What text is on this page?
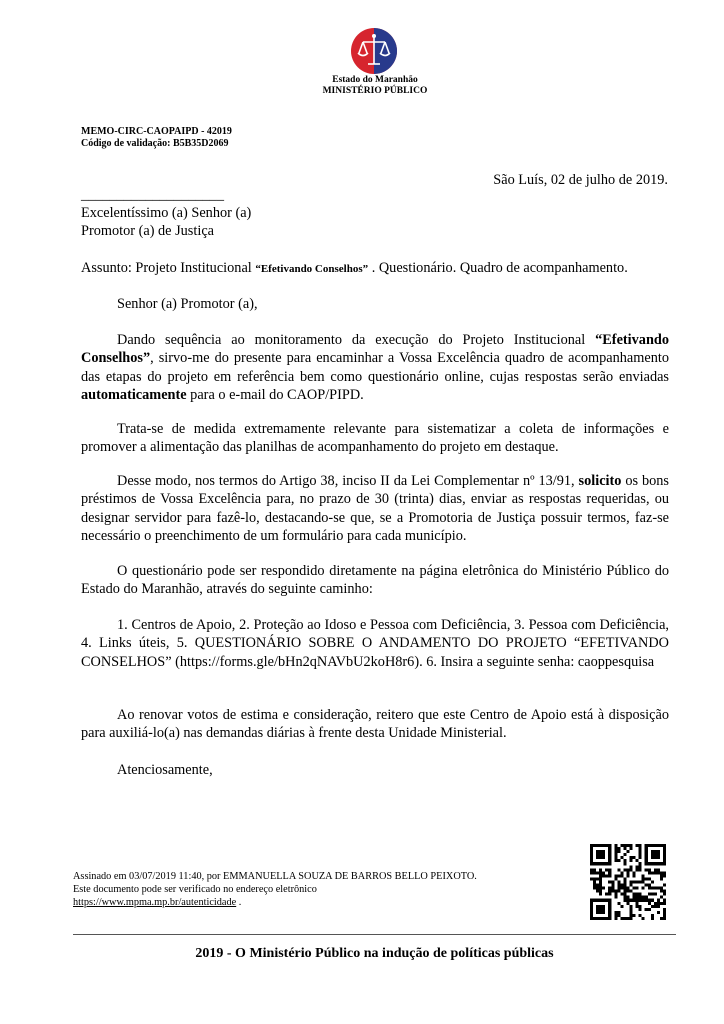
Estado do Maranhão
MINISTÉRIO PÚBLICO
MEMO-CIRC-CAOPAIPD - 42019
Código de validação: B5B35D2069
São Luís, 02 de julho de 2019.
____________________
Excelentíssimo (a) Senhor (a)
Promotor (a) de Justiça
Assunto: Projeto Institucional “Efetivando Conselhos” . Questionário. Quadro de acompanhamento.
Senhor (a) Promotor (a),
Dando sequência ao monitoramento da execução do Projeto Institucional “Efetivando Conselhos”, sirvo-me do presente para encaminhar a Vossa Excelência quadro de acompanhamento das etapas do projeto em referência bem como questionário online, cujas respostas serão enviadas automaticamente para o e-mail do CAOP/PIPD.
Trata-se de medida extremamente relevante para sistematizar a coleta de informações e promover a alimentação das planilhas de acompanhamento do projeto em destaque.
Desse modo, nos termos do Artigo 38, inciso II da Lei Complementar nº 13/91, solicito os bons préstimos de Vossa Excelência para, no prazo de 30 (trinta) dias, enviar as respostas requeridas, ou designar servidor para fazê-lo, destacando-se que, se a Promotoria de Justiça possuir termos, faz-se necessário o preenchimento de um formulário para cada município.
O questionário pode ser respondido diretamente na página eletrônica do Ministério Público do Estado do Maranhão, através do seguinte caminho:
1. Centros de Apoio, 2. Proteção ao Idoso e Pessoa com Deficiência, 3. Pessoa com Deficiência, 4. Links úteis, 5. QUESTIONÁRIO SOBRE O ANDAMENTO DO PROJETO “EFETIVANDO CONSELHOS” (https://forms.gle/bHn2qNAVbU2koH8r6). 6. Insira a seguinte senha: caoppesquisa
Ao renovar votos de estima e consideração, reitero que este Centro de Apoio está à disposição para auxiliá-lo(a) nas demandas diárias à frente desta Unidade Ministerial.
Atenciosamente,
Assinado em 03/07/2019 11:40, por EMMANUELLA SOUZA DE BARROS BELLO PEIXOTO.
Este documento pode ser verificado no endereço eletrônico
https://www.mpma.mp.br/autenticidade .
2019 - O Ministério Público na indução de políticas públicas
